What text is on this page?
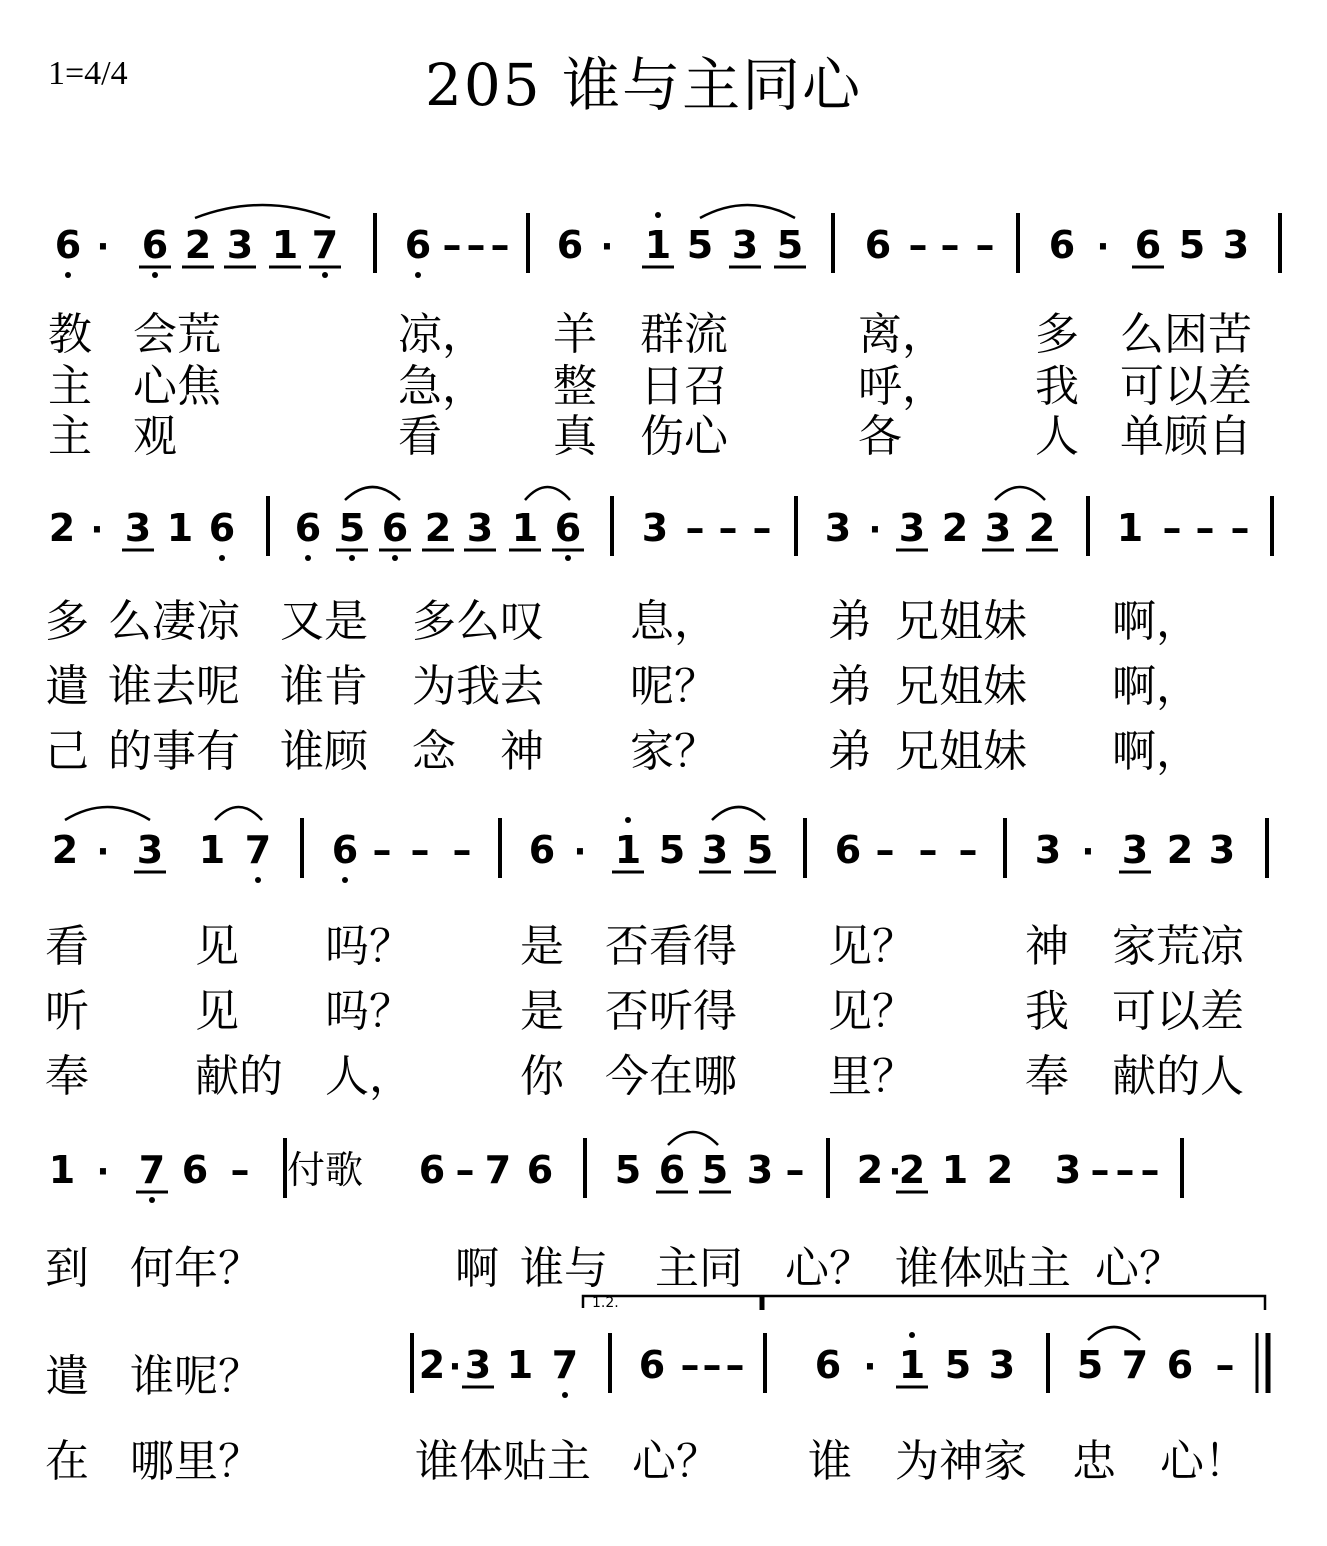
1=4/4	205 谁与主同心
6 · 6 2 3 1 7 6 – – – 6 · 1 5 3 5 6 – – – 6 · 6 5 3
2 · 3 1 6 6 5 6 2 3 1 6 3 – – – 3 · 3 2 3 2 1 – – –
2 · 3 1 7 6 – – – 6 · 1 5 3 5 6 – – – 3 · 3 2 3
1 · 7 6 – 付歌 6 – 7 6 5 6 5 3 – 2 ·
2 1 2 3 – – –
2 · 3 1 7 6 – – – 6 · 1 5 3 5 7 6 –
1.2.
教 会荒	凉， 羊 群流	离， 多 么困苦
主 心焦	急， 整 日召	呼， 我 可以差
主 观	看	真 伤心	各	人 单顾自
多 么凄凉 又是 多么叹 息，	弟 兄姐妹 啊，
遣 谁去呢 谁肯 为我去 呢？	弟 兄姐妹 啊，
己 的事有 谁顾 念 神 家？	弟 兄姐妹 啊，
看 见 吗？ 是 否看得 见？ 神 家荒凉
听 见 吗？ 是 否听得 见？ 我 可以差
奉 献的 人， 你 今在哪 里？ 奉 献的人
到 何年？	啊 谁与 主同 心？ 谁体贴主 心？
遣 谁呢？
在 哪里？	谁体贴主 心？ 谁 为神家 忠 心！
